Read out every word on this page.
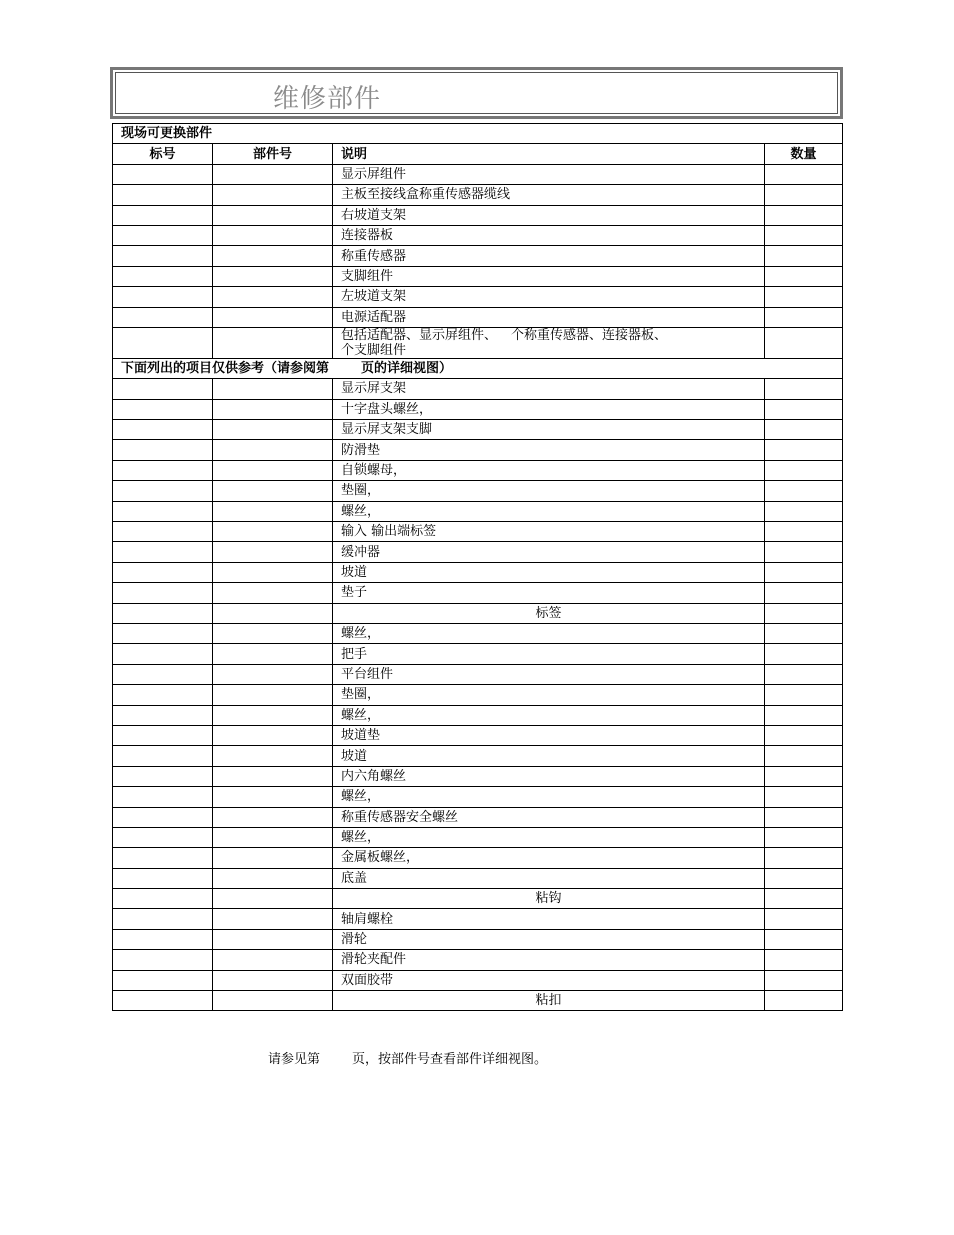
维修部件
现场可更换部件			
标号	部件号	说明	数量
		显示屏组件	
		主板至接线盒称重传感器缆线	
		右坡道支架	
		连接器板	
		称重传感器	
		支脚组件	
		左坡道支架	
		电源适配器	
		包括适配器、显示屏组件、 个称重传感器、连接器板、
个支脚组件	
下面列出的项目仅供参考（请参阅第 页的详细视图）			
		显示屏支架	
		十字盘头螺丝，	
		显示屏支架支脚	
		防滑垫	
		自锁螺母，	
		垫圈，	
		螺丝，	
		输入 输出端标签	
		缓冲器	
		坡道	
		垫子	
		标签	
		螺丝，	
		把手	
		平台组件	
		垫圈，	
		螺丝，	
		坡道垫	
		坡道	
		内六角螺丝	
		螺丝，	
		称重传感器安全螺丝	
		螺丝，	
		金属板螺丝，	
		底盖	
		粘钩	
		轴肩螺栓	
		滑轮	
		滑轮夹配件	
		双面胶带	
		粘扣	
请参见第 页，按部件号查看部件详细视图。
